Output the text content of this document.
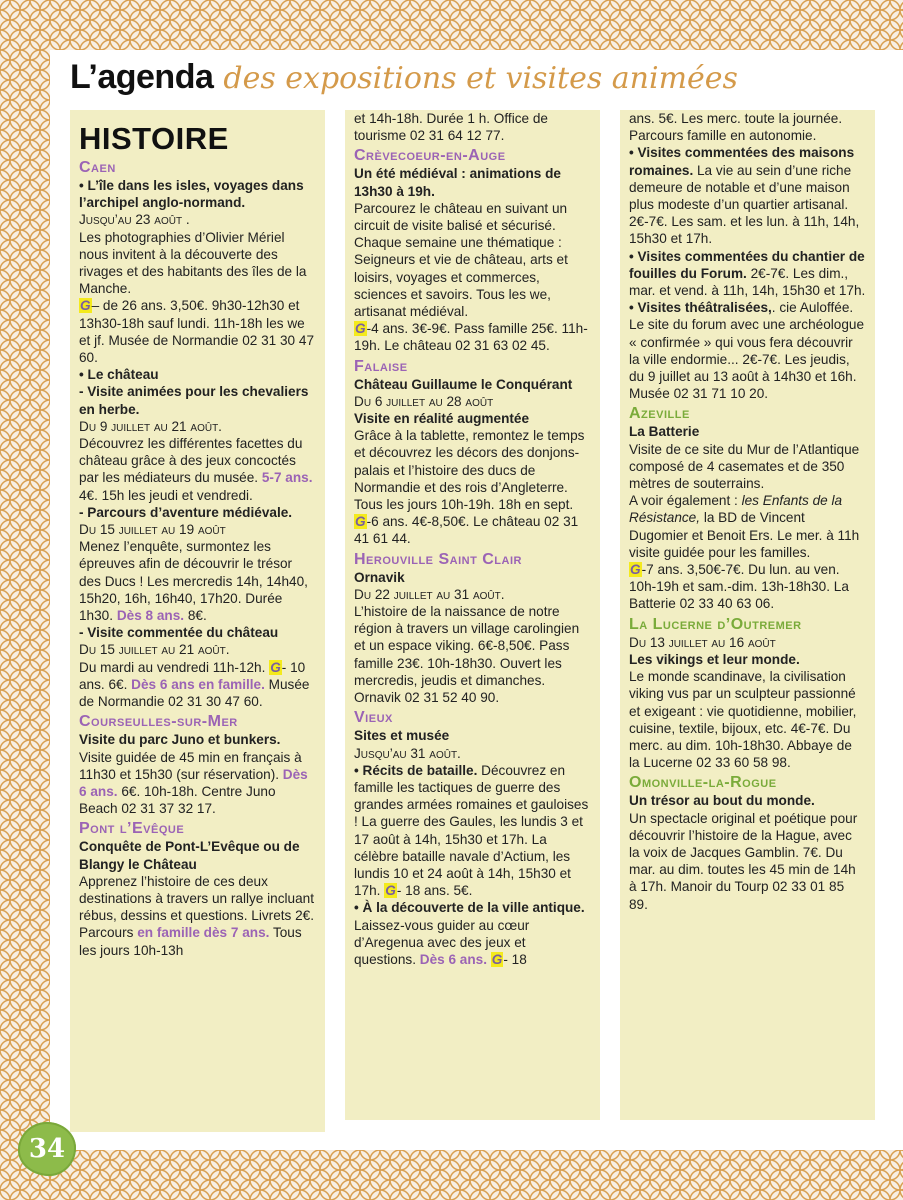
L’agenda des expositions et visites animées
HISTOIRE
Caen

• L’île dans les isles, voyages dans l’archipel anglo-normand.

Jusqu’au 23 août .

Les photographies d’Olivier Mériel nous invitent à la découverte des rivages et des habitants des îles de la Manche.

G– de 26 ans. 3,50€. 9h30-12h30 et 13h30-18h sauf lundi. 11h-18h les we et jf. Musée de Normandie 02 31 30 47 60.

• Le château

- Visite animées pour les chevaliers en herbe.

Du 9 juillet au 21 août.

Découvrez les différentes facettes du château grâce à des jeux concoctés par les médiateurs du musée. 5-7 ans. 4€. 15h les jeudi et vendredi.

- Parcours d’aventure médiévale.

Du 15 juillet au 19 août

Menez l’enquête, surmontez les épreuves afin de découvrir le trésor des Ducs ! Les mercredis 14h, 14h40, 15h20, 16h, 16h40, 17h20. Durée 1h30. Dès 8 ans. 8€.

- Visite commentée du château

Du 15 juillet au 21 août.

Du mardi au vendredi 11h-12h. G- 10 ans. 6€. Dès 6 ans en famille. Musée de Normandie 02 31 30 47 60.

Courseulles-sur-Mer

Visite du parc Juno et bunkers.

Visite guidée de 45 min en français à 11h30 et 15h30 (sur réservation). Dès 6 ans. 6€. 10h-18h. Centre Juno Beach 02 31 37 32 17.

Pont l’Evêque

Conquête de Pont-L’Evêque ou de Blangy le Château

Apprenez l’histoire de ces deux destinations à travers un rallye incluant rébus, dessins et questions. Livrets 2€. Parcours en famille dès 7 ans. Tous les jours 10h-13h

et 14h-18h. Durée 1 h. Office de tourisme 02 31 64 12 77.

Crèvecoeur-en-Auge

Un été médiéval : animations de 13h30 à 19h.

Parcourez le château en suivant un circuit de visite balisé et sécurisé. Chaque semaine une thématique : Seigneurs et vie de château, arts et loisirs, voyages et commerces, sciences et savoirs. Tous les we, artisanat médiéval.

G-4 ans. 3€-9€. Pass famille 25€. 11h-19h. Le château 02 31 63 02 45.

Falaise

Château Guillaume le Conquérant

Du 6 juillet au 28 août

Visite en réalité augmentée

Grâce à la tablette, remontez le temps et découvrez les décors des donjons-palais et l’histoire des ducs de Normandie et des rois d’Angleterre. Tous les jours 10h-19h. 18h en sept. G-6 ans. 4€-8,50€. Le château 02 31 41 61 44.

Herouville Saint Clair

Ornavik

Du 22 juillet au 31 août.

L’histoire de la naissance de notre région à travers un village carolingien et un espace viking. 6€-8,50€. Pass famille 23€. 10h-18h30. Ouvert les mercredis, jeudis et dimanches. Ornavik 02 31 52 40 90.

Vieux

Sites et musée

Jusqu’au 31 août.

• Récits de bataille. Découvrez en famille les tactiques de guerre des grandes armées romaines et gauloises ! La guerre des Gaules, les lundis 3 et 17 août à 14h, 15h30 et 17h. La célèbre bataille navale d’Actium, les lundis 10 et 24 août à 14h, 15h30 et 17h. G- 18 ans. 5€.

• À la découverte de la ville antique. Laissez-vous guider au cœur d’Aregenua avec des jeux et questions. Dès 6 ans. G- 18

ans. 5€. Les merc. toute la journée. Parcours famille en autonomie.

• Visites commentées des maisons romaines. La vie au sein d’une riche demeure de notable et d’une maison plus modeste d’un quartier artisanal. 2€-7€. Les sam. et les lun. à 11h, 14h, 15h30 et 17h.

• Visites commentées du chantier de fouilles du Forum. 2€-7€. Les dim., mar. et vend. à 11h, 14h, 15h30 et 17h.

• Visites théâtralisées,. cie Auloffée. Le site du forum avec une archéologue « confirmée » qui vous fera découvrir la ville endormie... 2€-7€. Les jeudis, du 9 juillet au 13 août à 14h30 et 16h. Musée 02 31 71 10 20.

Azeville

La Batterie

Visite de ce site du Mur de l’Atlantique composé de 4 casemates et de 350 mètres de souterrains.

A voir également : les Enfants de la Résistance, la BD de Vincent Dugomier et Benoit Ers. Le mer. à 11h visite guidée pour les familles.

G-7 ans. 3,50€-7€. Du lun. au ven. 10h-19h et sam.-dim. 13h-18h30. La Batterie 02 33 40 63 06.

La Lucerne d’Outremer

Du 13 juillet au 16 août

Les vikings et leur monde.

Le monde scandinave, la civilisation viking vus par un sculpteur passionné et exigeant : vie quotidienne, mobilier, cuisine, textile, bijoux, etc. 4€-7€. Du merc. au dim. 10h-18h30. Abbaye de la Lucerne 02 33 60 58 98.

Omonville-la-Rogue

Un trésor au bout du monde.

Un spectacle original et poétique pour découvrir l’histoire de la Hague, avec la voix de Jacques Gamblin. 7€. Du mar. au dim. toutes les 45 min de 14h à 17h. Manoir du Tourp 02 33 01 85 89.

34
